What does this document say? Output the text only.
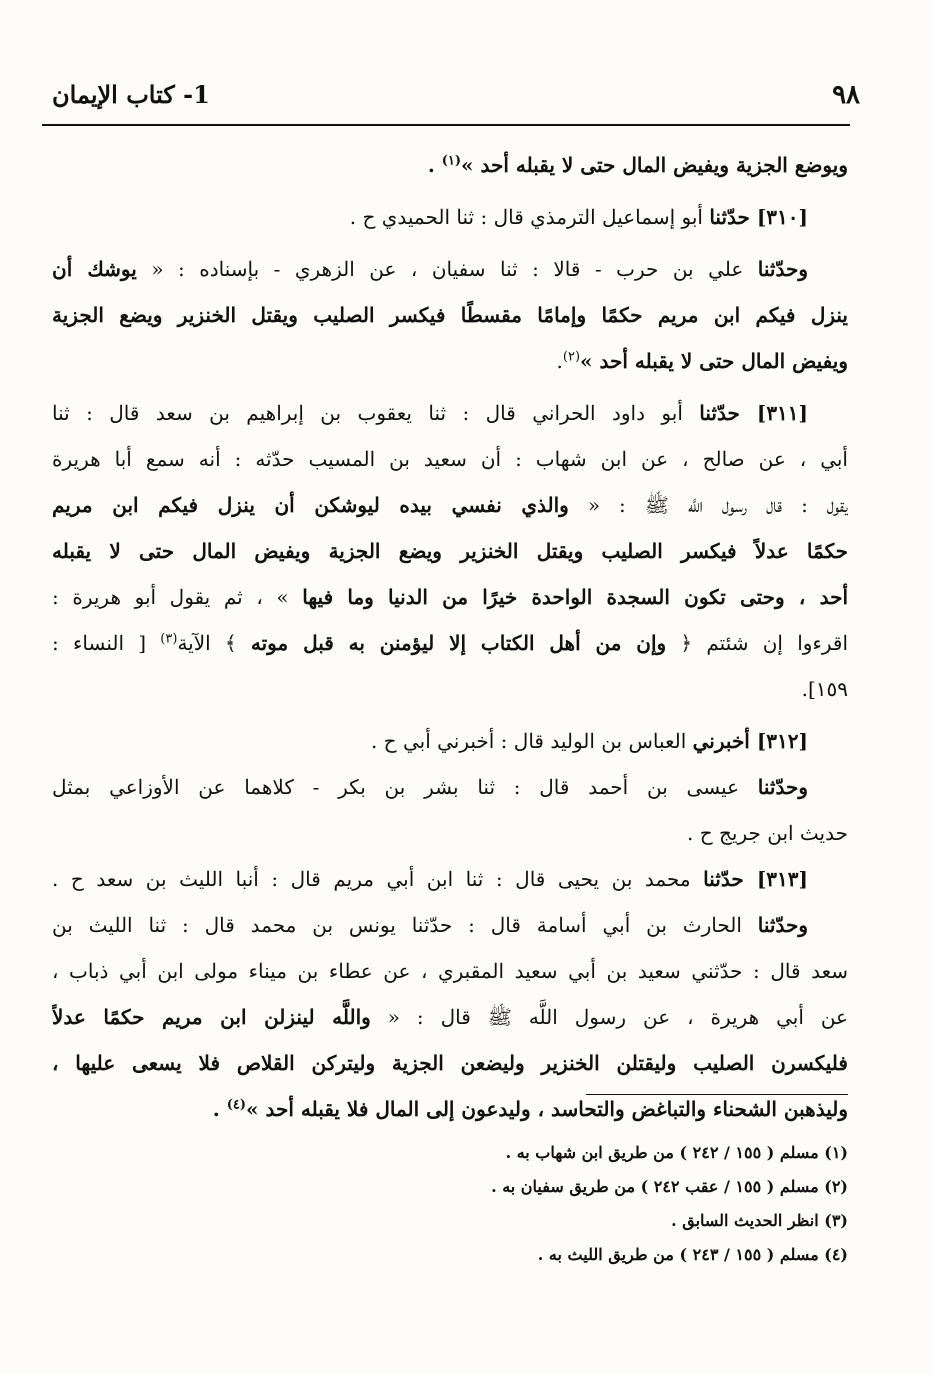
٩٨
1- كتاب الإيمان
ويوضع الجزية ويفيض المال حتى لا يقبله أحد »$^{(١)}$ .
[٣١٠] حدّثنا أبو إسماعيل الترمذي قال : ثنا الحميدي ح .
وحدّثنا علي بن حرب - قالا : ثنا سفيان ، عن الزهري - بإسناده : « يوشك أن
ينزل فيكم ابن مريم حكمًا وإمامًا مقسطًا فيكسر الصليب ويقتل الخنزير ويضع الجزية
ويفيض المال حتى لا يقبله أحد »$^{(٢)}$.
[٣١١] حدّثنا أبو داود الحراني قال : ثنا يعقوب بن إبراهيم بن سعد قال : ثنا
أبي ، عن صالح ، عن ابن شهاب : أن سعيد بن المسيب حدّثه : أنه سمع أبا هريرة
يقول : قال رسول اللَّه ﷺ : « والذي نفسي بيده ليوشكن أن ينزل فيكم ابن مريم
حكمًا عدلاً فيكسر الصليب ويقتل الخنزير ويضع الجزية ويفيض المال حتى لا يقبله
أحد ، وحتى تكون السجدة الواحدة خيرًا من الدنيا وما فيها » ، ثم يقول أبو هريرة :
اقرءوا إن شئتم ﴿ وإن من أهل الكتاب إلا ليؤمنن به قبل موته ﴾ الآية$^{(٣)}$ [ النساء :
١٥٩].
[٣١٢] أخبرني العباس بن الوليد قال : أخبرني أبي ح .
وحدّثنا عيسى بن أحمد قال : ثنا بشر بن بكر - كلاهما عن الأوزاعي بمثل
حديث ابن جريج ح .
[٣١٣] حدّثنا محمد بن يحيى قال : ثنا ابن أبي مريم قال : أنبا الليث بن سعد ح .
وحدّثنا الحارث بن أبي أسامة قال : حدّثنا يونس بن محمد قال : ثنا الليث بن
سعد قال : حدّثني سعيد بن أبي سعيد المقبري ، عن عطاء بن ميناء مولى ابن أبي ذباب ،
عن أبي هريرة ، عن رسول اللَّه ﷺ قال : « واللَّه لينزلن ابن مريم حكمًا عدلاً
فليكسرن الصليب وليقتلن الخنزير وليضعن الجزية وليتركن القلاص فلا يسعى عليها ،
وليذهبن الشحناء والتباغض والتحاسد ، وليدعون إلى المال فلا يقبله أحد »$^{(٤)}$ .
(١) مسلم ( ١٥٥ / ٢٤٢ ) من طريق ابن شهاب به .
(٢) مسلم ( ١٥٥ / عقب ٢٤٢ ) من طريق سفيان به .
(٣) انظر الحديث السابق .
(٤) مسلم ( ١٥٥ / ٢٤٣ ) من طريق الليث به .
